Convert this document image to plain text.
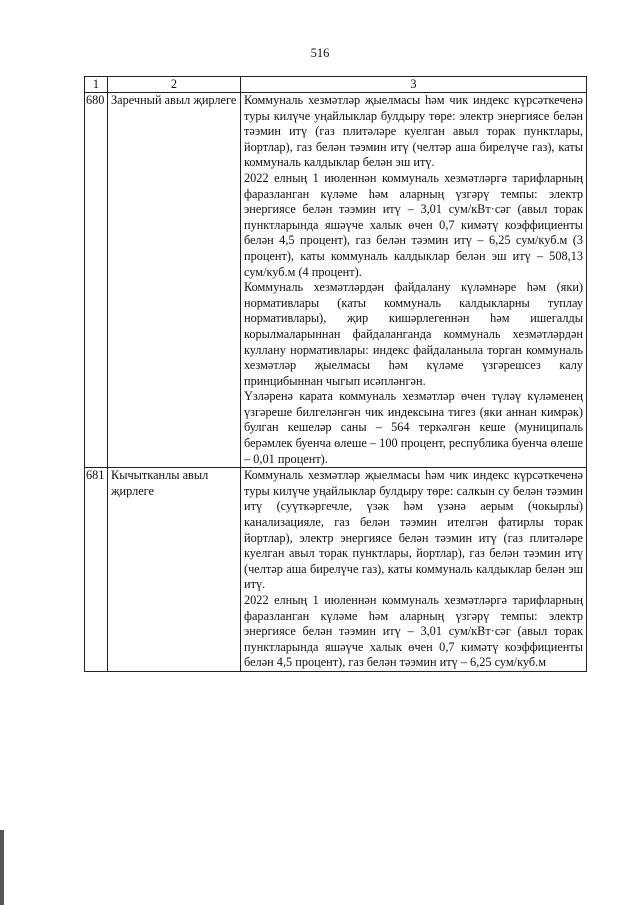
516
1	2	3
680	Заречный авыл җирлеге	Коммуналь хезмәтләр җыелмасы һәм чик индекс күрсәткеченә туры килүче уңайлыклар булдыру төре: электр энергиясе белән тәэмин итү (газ плитәләре куелган авыл торак пунктлары, йортлар), газ белән тәэмин итү (челтәр аша бирелүче газ), каты коммуналь калдыклар белән эш итү.

2022 елның 1 июленнән коммуналь хезмәтләргә тарифларның фаразланган күләме һәм аларның үзгәрү темпы: электр энергиясе белән тәэмин итү – 3,01 сум/кВт·сәг (авыл торак пунктларында яшәүче халык өчен 0,7 кимәтү коэффициенты белән 4,5 процент), газ белән тәэмин итү – 6,25 сум/куб.м (3 процент), каты коммуналь калдыклар белән эш итү – 508,13 сум/куб.м (4 процент).

Коммуналь хезмәтләрдән файдалану күләмнәре һәм (яки) нормативлары (каты коммуналь калдыкларны туплау нормативлары), җир кишәрлегеннән һәм ишегалды корылмаларыннан файдаланганда коммуналь хезмәтләрдән куллану нормативлары: индекс файдаланыла торган коммуналь хезмәтләр җыелмасы һәм күләме үзгәрешсез калу принцибыннан чыгып исәпләнгән.

Үзләренә карата коммуналь хезмәтләр өчен түләү күләменең үзгәреше билгеләнгән чик индексына тигез (яки аннан кимрәк) булган кешеләр саны – 564 теркәлгән кеше (муниципаль берәмлек буенча өлеше – 100 процент, республика буенча өлеше – 0,01 процент).

681	Кычытканлы авыл җирлеге	Коммуналь хезмәтләр җыелмасы һәм чик индекс күрсәткеченә туры килүче уңайлыклар булдыру төре: салкын су белән тәэмин итү (суүткәргечле, үзәк һәм үзәнә аерым (чокырлы) канализацияле, газ белән тәэмин ителгән фатирлы торак йортлар), электр энергиясе белән тәэмин итү (газ плитәләре куелган авыл торак пунктлары, йортлар), газ белән тәэмин итү (челтәр аша бирелүче газ), каты коммуналь калдыклар белән эш итү.

2022 елның 1 июленнән коммуналь хезмәтләргә тарифларның фаразланган күләме һәм аларның үзгәрү темпы: электр энергиясе белән тәэмин итү – 3,01 сум/кВт·сәг (авыл торак пунктларында яшәүче халык өчен 0,7 кимәтү коэффициенты белән 4,5 процент), газ белән тәэмин итү – 6,25 сум/куб.м
